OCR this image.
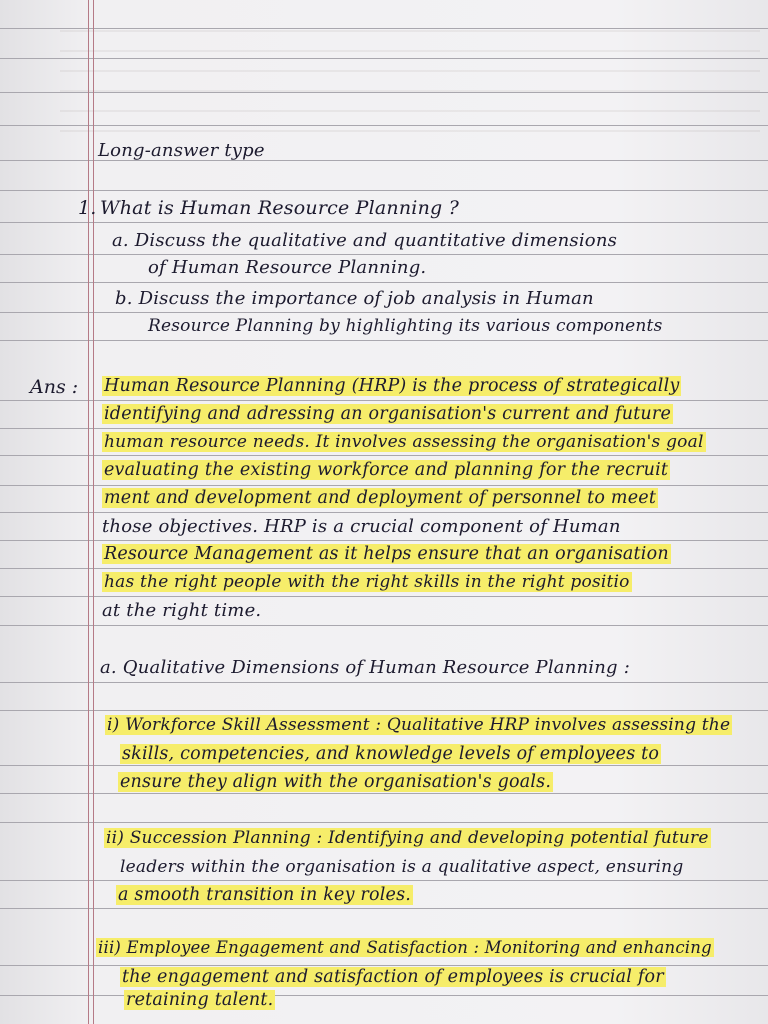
Long-answer type
1. What is Human Resource Planning ?
a. Discuss the qualitative and quantitative dimensions
of Human Resource Planning.
b. Discuss the importance of job analysis in Human
Resource Planning by highlighting its various components
Ans : Human Resource Planning (HRP) is the process of strategically
identifying and adressing an organisation's current and future
human resource needs. It involves assessing the organisation's goal
evaluating the existing workforce and planning for the recruit
ment and development and deployment of personnel to meet
those objectives. HRP is a crucial component of Human
Resource Management as it helps ensure that an organisation
has the right people with the right skills in the right positio
at the right time.
a. Qualitative Dimensions of Human Resource Planning :
i) Workforce Skill Assessment : Qualitative HRP involves assessing the
skills, competencies, and knowledge levels of employees to
ensure they align with the organisation's goals.
ii) Succession Planning : Identifying and developing potential future
leaders within the organisation is a qualitative aspect, ensuring
a smooth transition in key roles.
iii) Employee Engagement and Satisfaction : Monitoring and enhancing
the engagement and satisfaction of employees is crucial for
retaining talent.
